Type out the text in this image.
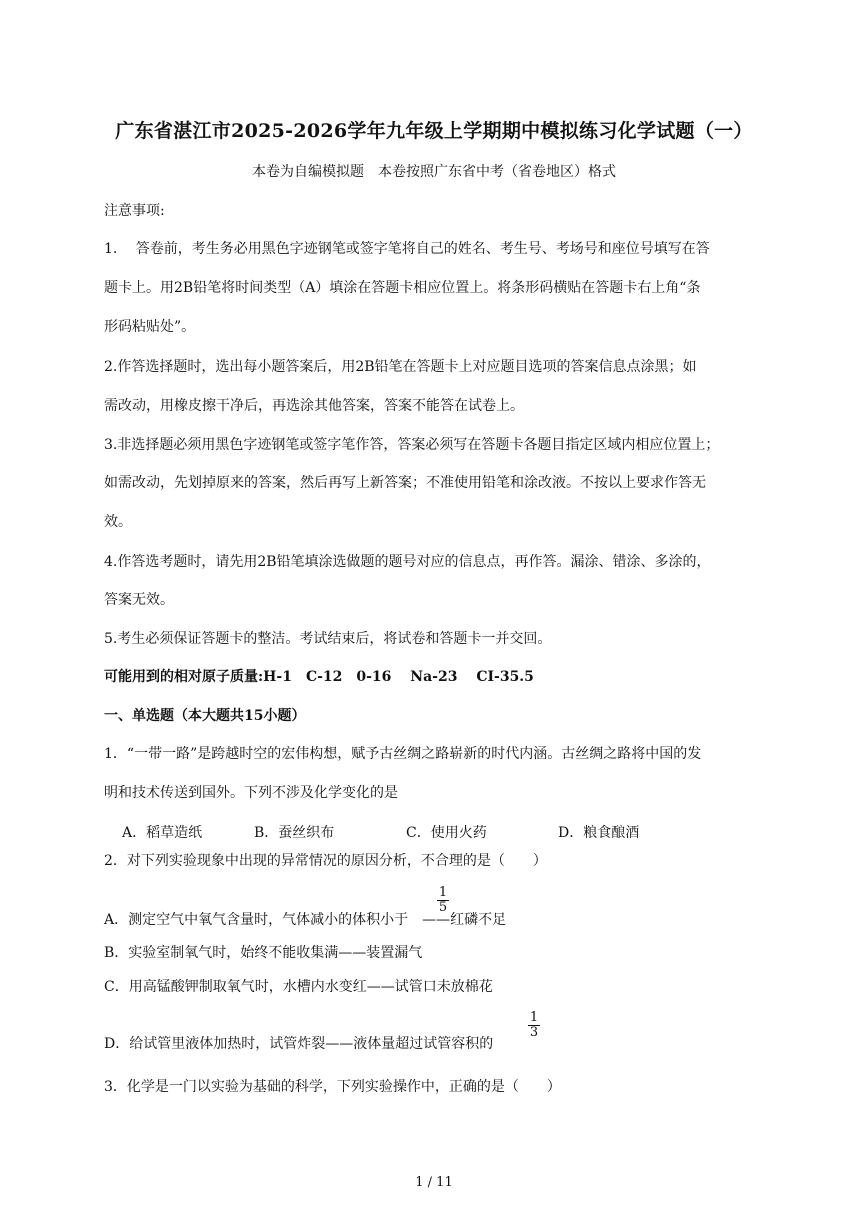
广东省湛江市2025-2026学年九年级上学期期中模拟练习化学试题（一）
本卷为自编模拟题　本卷按照广东省中考（省卷地区）格式
注意事项:
1.　 答卷前，考生务必用黑色字迹钢笔或签字笔将自己的姓名、考生号、考场号和座位号填写在答
题卡上。用2B铅笔将时间类型（A）填涂在答题卡相应位置上。将条形码横贴在答题卡右上角“条
形码粘贴处”。
2.作答选择题时，选出每小题答案后，用2B铅笔在答题卡上对应题目选项的答案信息点涂黑；如
需改动，用橡皮擦干净后，再选涂其他答案，答案不能答在试卷上。
3.非选择题必须用黑色字迹钢笔或签字笔作答，答案必须写在答题卡各题目指定区域内相应位置上；
如需改动，先划掉原来的答案，然后再写上新答案；不准使用铅笔和涂改液。不按以上要求作答无
效。
4.作答选考题时，请先用2B铅笔填涂选做题的题号对应的信息点，再作答。漏涂、错涂、多涂的，
答案无效。
5.考生必须保证答题卡的整洁。考试结束后，将试卷和答题卡一并交回。
可能用到的相对原子质量:H-1　C-12　0-16　 Na-23　 CI-35.5
一、单选题（本大题共15小题）
1．“一带一路”是跨越时空的宏伟构想，赋予古丝绸之路崭新的时代内涵。古丝绸之路将中国的发
明和技术传送到国外。下列不涉及化学变化的是
A．稻草造纸	B．蚕丝织布	C．使用火药	D．粮食酿酒
2．对下列实验现象中出现的异常情况的原因分析，不合理的是（　　）
A．测定空气中氧气含量时，气体减小的体积小于 ——红磷不足
$\frac{1}{5}$
B．实验室制氧气时，始终不能收集满——装置漏气
C．用高锰酸钾制取氧气时，水槽内水变红——试管口未放棉花
D．给试管里液体加热时，试管炸裂——液体量超过试管容积的
$\frac{1}{3}$
3．化学是一门以实验为基础的科学，下列实验操作中，正确的是（　　）
1 / 11
